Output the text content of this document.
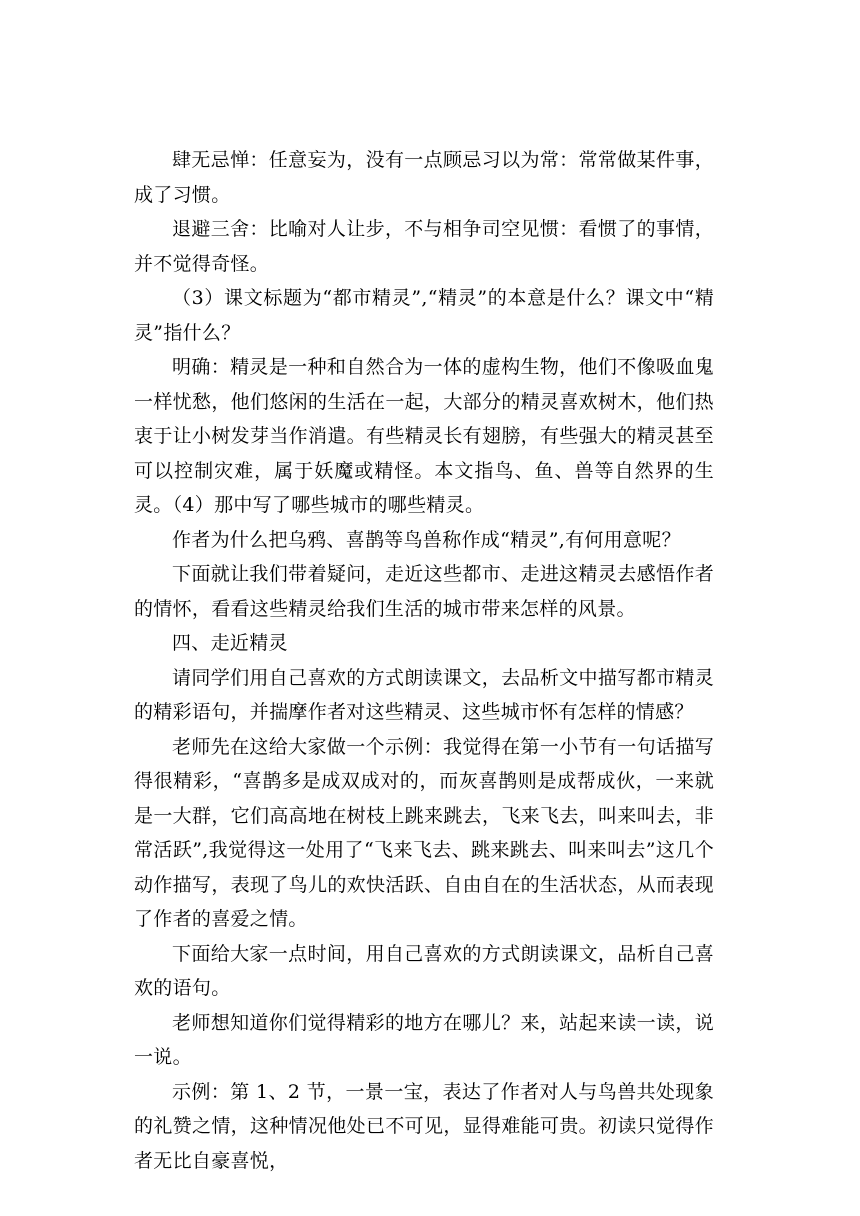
肆无忌惮：任意妄为，没有一点顾忌习以为常：常常做某件事，成了习惯。

退避三舍：比喻对人让步，不与相争司空见惯：看惯了的事情，并不觉得奇怪。

（3）课文标题为“都市精灵”,“精灵”的本意是什么？课文中“精灵”指什么？

明确：精灵是一种和自然合为一体的虚构生物，他们不像吸血鬼一样忧愁，他们悠闲的生活在一起，大部分的精灵喜欢树木，他们热衷于让小树发芽当作消遣。有些精灵长有翅膀，有些强大的精灵甚至可以控制灾难，属于妖魔或精怪。本文指鸟、鱼、兽等自然界的生灵。（4）那中写了哪些城市的哪些精灵。

作者为什么把乌鸦、喜鹊等鸟兽称作成“精灵”,有何用意呢？

下面就让我们带着疑问，走近这些都市、走进这精灵去感悟作者的情怀，看看这些精灵给我们生活的城市带来怎样的风景。

四、走近精灵

请同学们用自己喜欢的方式朗读课文，去品析文中描写都市精灵的精彩语句，并揣摩作者对这些精灵、这些城市怀有怎样的情感？

老师先在这给大家做一个示例：我觉得在第一小节有一句话描写得很精彩，“喜鹊多是成双成对的，而灰喜鹊则是成帮成伙，一来就是一大群，它们高高地在树枝上跳来跳去，飞来飞去，叫来叫去，非常活跃”,我觉得这一处用了“飞来飞去、跳来跳去、叫来叫去”这几个动作描写，表现了鸟儿的欢快活跃、自由自在的生活状态，从而表现了作者的喜爱之情。

下面给大家一点时间，用自己喜欢的方式朗读课文，品析自己喜欢的语句。

老师想知道你们觉得精彩的地方在哪儿？来，站起来读一读，说一说。

示例：第 1、2 节，一景一宝，表达了作者对人与鸟兽共处现象的礼赞之情，这种情况他处已不可见，显得难能可贵。初读只觉得作者无比自豪喜悦，
